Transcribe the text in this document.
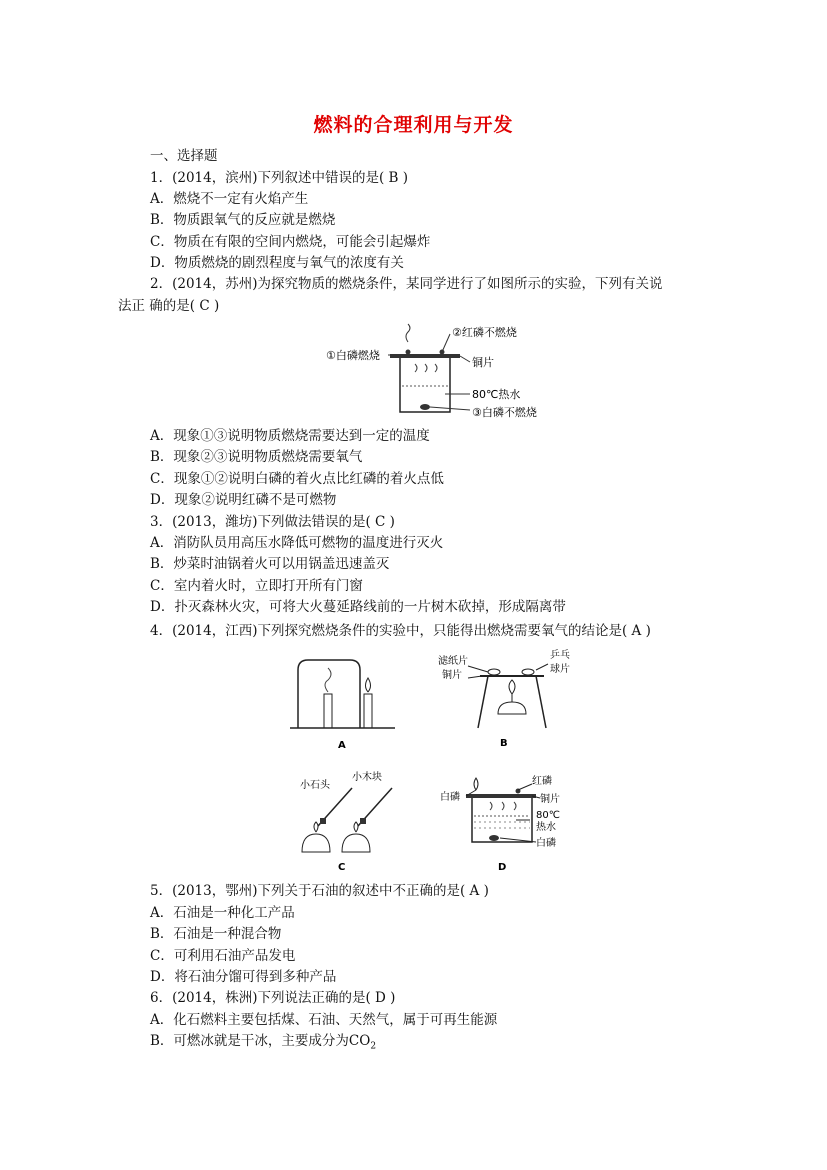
燃料的合理利用与开发
一、选择题
1．(2014，滨州)下列叙述中错误的是( B )
A．燃烧不一定有火焰产生
B．物质跟氧气的反应就是燃烧
C．物质在有限的空间内燃烧，可能会引起爆炸
D．物质燃烧的剧烈程度与氧气的浓度有关
2．(2014，苏州)为探究物质的燃烧条件，某同学进行了如图所示的实验，下列有关说
法正 确的是( C )
②红磷不燃烧
①白磷燃烧
铜片
80℃热水
③白磷不燃烧
A．现象①③说明物质燃烧需要达到一定的温度
B．现象②③说明物质燃烧需要氧气
C．现象①②说明白磷的着火点比红磷的着火点低
D．现象②说明红磷不是可燃物
3．(2013，潍坊)下列做法错误的是( C )
A．消防队员用高压水降低可燃物的温度进行灭火
B．炒菜时油锅着火可以用锅盖迅速盖灭
C．室内着火时，立即打开所有门窗
D．扑灭森林火灾，可将大火蔓延路线前的一片树木砍掉，形成隔离带
4．(2014，江西)下列探究燃烧条件的实验中，只能得出燃烧需要氧气的结论是( A )
A
滤纸片
铜片
乒乓
球片
B
小石头
小木块
C
白磷
红磷
铜片
80℃
热水
白磷
D
5．(2013，鄂州)下列关于石油的叙述中不正确的是( A )
A．石油是一种化工产品
B．石油是一种混合物
C．可利用石油产品发电
D．将石油分馏可得到多种产品
6．(2014，株洲)下列说法正确的是( D )
A．化石燃料主要包括煤、石油、天然气，属于可再生能源
B．可燃冰就是干冰，主要成分为$CO_2$
